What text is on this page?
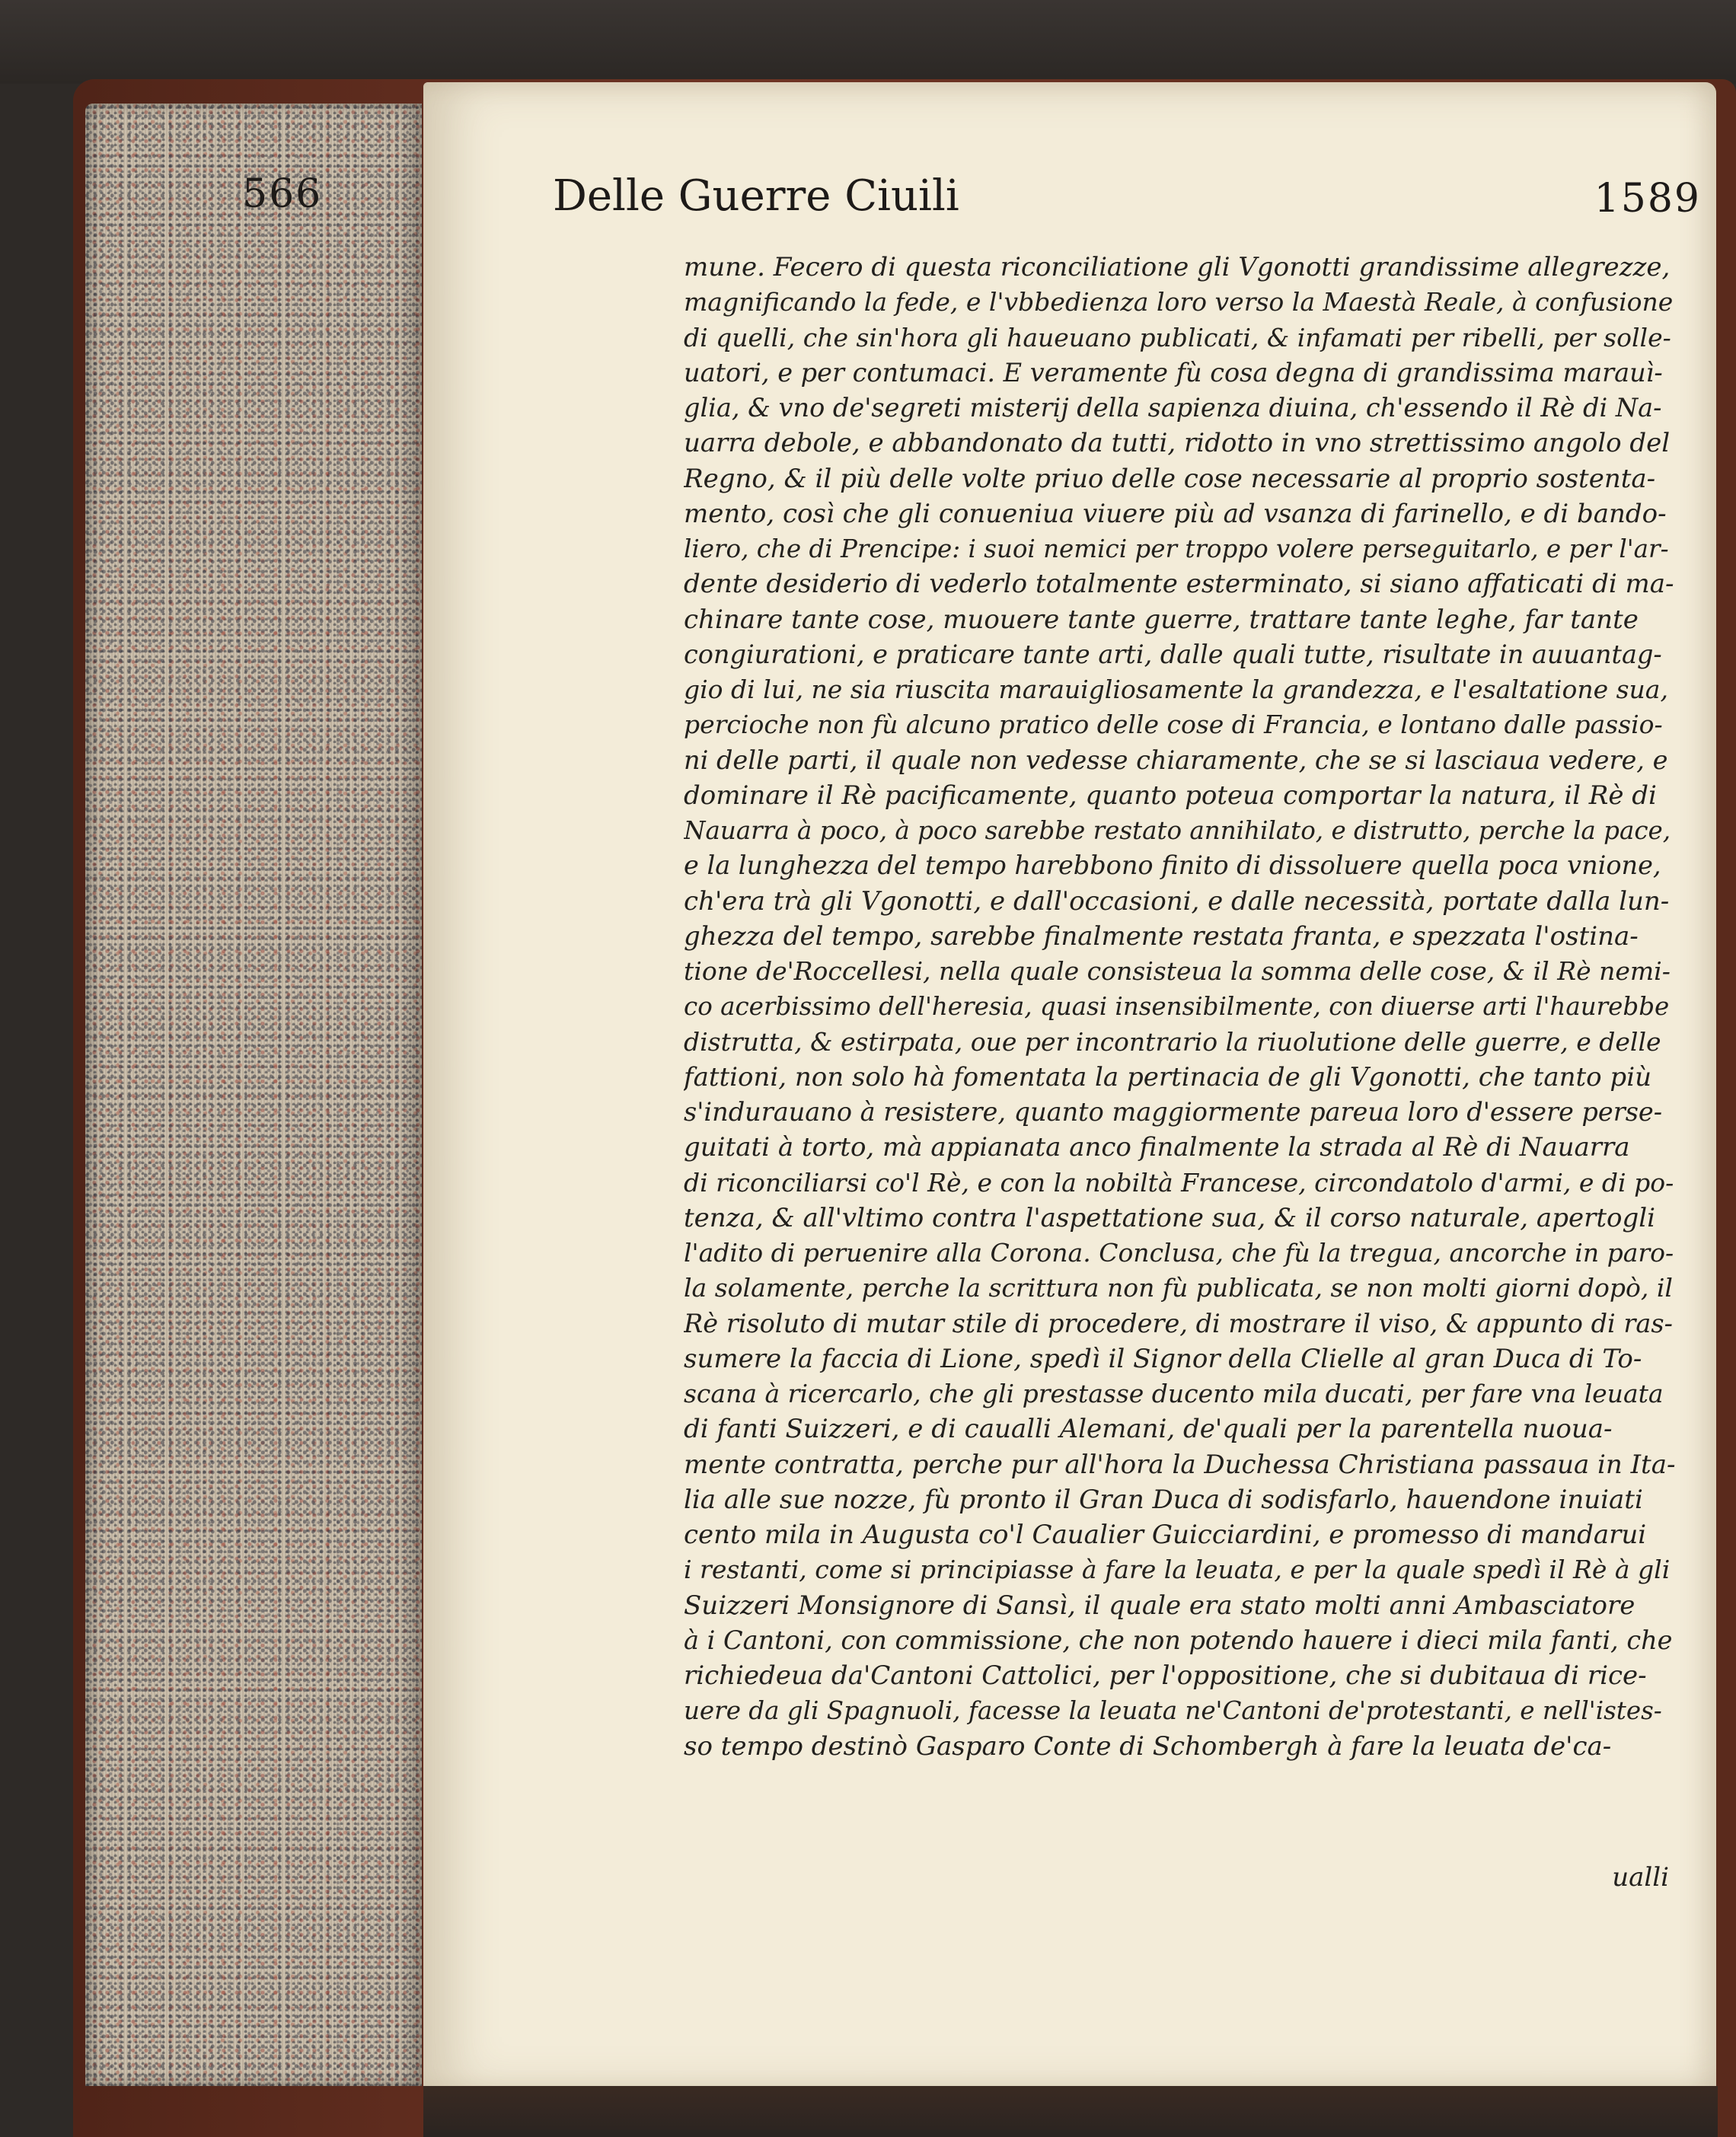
566	Delle Guerre Ciuili	1589
mune. Fecero di questa riconciliatione gli Vgonotti grandissime allegrezze,
magnificando la fede, e l'vbbedienza loro verso la Maestà Reale, à confusione
di quelli, che sin'hora gli haueuano publicati, & infamati per ribelli, per solle-
uatori, e per contumaci. E veramente fù cosa degna di grandissima marauì-
glia, & vno de'segreti misterij della sapienza diuina, ch'essendo il Rè di Na-
uarra debole, e abbandonato da tutti, ridotto in vno strettissimo angolo del
Regno, & il più delle volte priuo delle cose necessarie al proprio sostenta-
mento, così che gli conueniua viuere più ad vsanza di farinello, e di bando-
liero, che di Prencipe: i suoi nemici per troppo volere perseguitarlo, e per l'ar-
dente desiderio di vederlo totalmente esterminato, si siano affaticati di ma-
chinare tante cose, muouere tante guerre, trattare tante leghe, far tante
congiurationi, e praticare tante arti, dalle quali tutte, risultate in auuantag-
gio di lui, ne sia riuscita marauigliosamente la grandezza, e l'esaltatione sua,
percioche non fù alcuno pratico delle cose di Francia, e lontano dalle passio-
ni delle parti, il quale non vedesse chiaramente, che se si lasciaua vedere, e
dominare il Rè pacificamente, quanto poteua comportar la natura, il Rè di
Nauarra à poco, à poco sarebbe restato annihilato, e distrutto, perche la pace,
e la lunghezza del tempo harebbono finito di dissoluere quella poca vnione,
ch'era trà gli Vgonotti, e dall'occasioni, e dalle necessità, portate dalla lun-
ghezza del tempo, sarebbe finalmente restata franta, e spezzata l'ostina-
tione de'Roccellesi, nella quale consisteua la somma delle cose, & il Rè nemi-
co acerbissimo dell'heresia, quasi insensibilmente, con diuerse arti l'haurebbe
distrutta, & estirpata, oue per incontrario la riuolutione delle guerre, e delle
fattioni, non solo hà fomentata la pertinacia de gli Vgonotti, che tanto più
s'indurauano à resistere, quanto maggiormente pareua loro d'essere perse-
guitati à torto, mà appianata anco finalmente la strada al Rè di Nauarra
di riconciliarsi co'l Rè, e con la nobiltà Francese, circondatolo d'armi, e di po-
tenza, & all'vltimo contra l'aspettatione sua, & il corso naturale, apertogli
l'adito di peruenire alla Corona. Conclusa, che fù la tregua, ancorche in paro-
la solamente, perche la scrittura non fù publicata, se non molti giorni dopò, il
Rè risoluto di mutar stile di procedere, di mostrare il viso, & appunto di ras-
sumere la faccia di Lione, spedì il Signor della Clielle al gran Duca di To-
scana à ricercarlo, che gli prestasse ducento mila ducati, per fare vna leuata
di fanti Suizzeri, e di caualli Alemani, de'quali per la parentella nuoua-
mente contratta, perche pur all'hora la Duchessa Christiana passaua in Ita-
lia alle sue nozze, fù pronto il Gran Duca di sodisfarlo, hauendone inuiati
cento mila in Augusta co'l Caualier Guicciardini, e promesso di mandarui
i restanti, come si principiasse à fare la leuata, e per la quale spedì il Rè à gli
Suizzeri Monsignore di Sansì, il quale era stato molti anni Ambasciatore
à i Cantoni, con commissione, che non potendo hauere i dieci mila fanti, che
richiedeua da'Cantoni Cattolici, per l'oppositione, che si dubitaua di rice-
uere da gli Spagnuoli, facesse la leuata ne'Cantoni de'protestanti, e nell'istes-
so tempo destinò Gasparo Conte di Schombergh à fare la leuata de'ca-
ualli
